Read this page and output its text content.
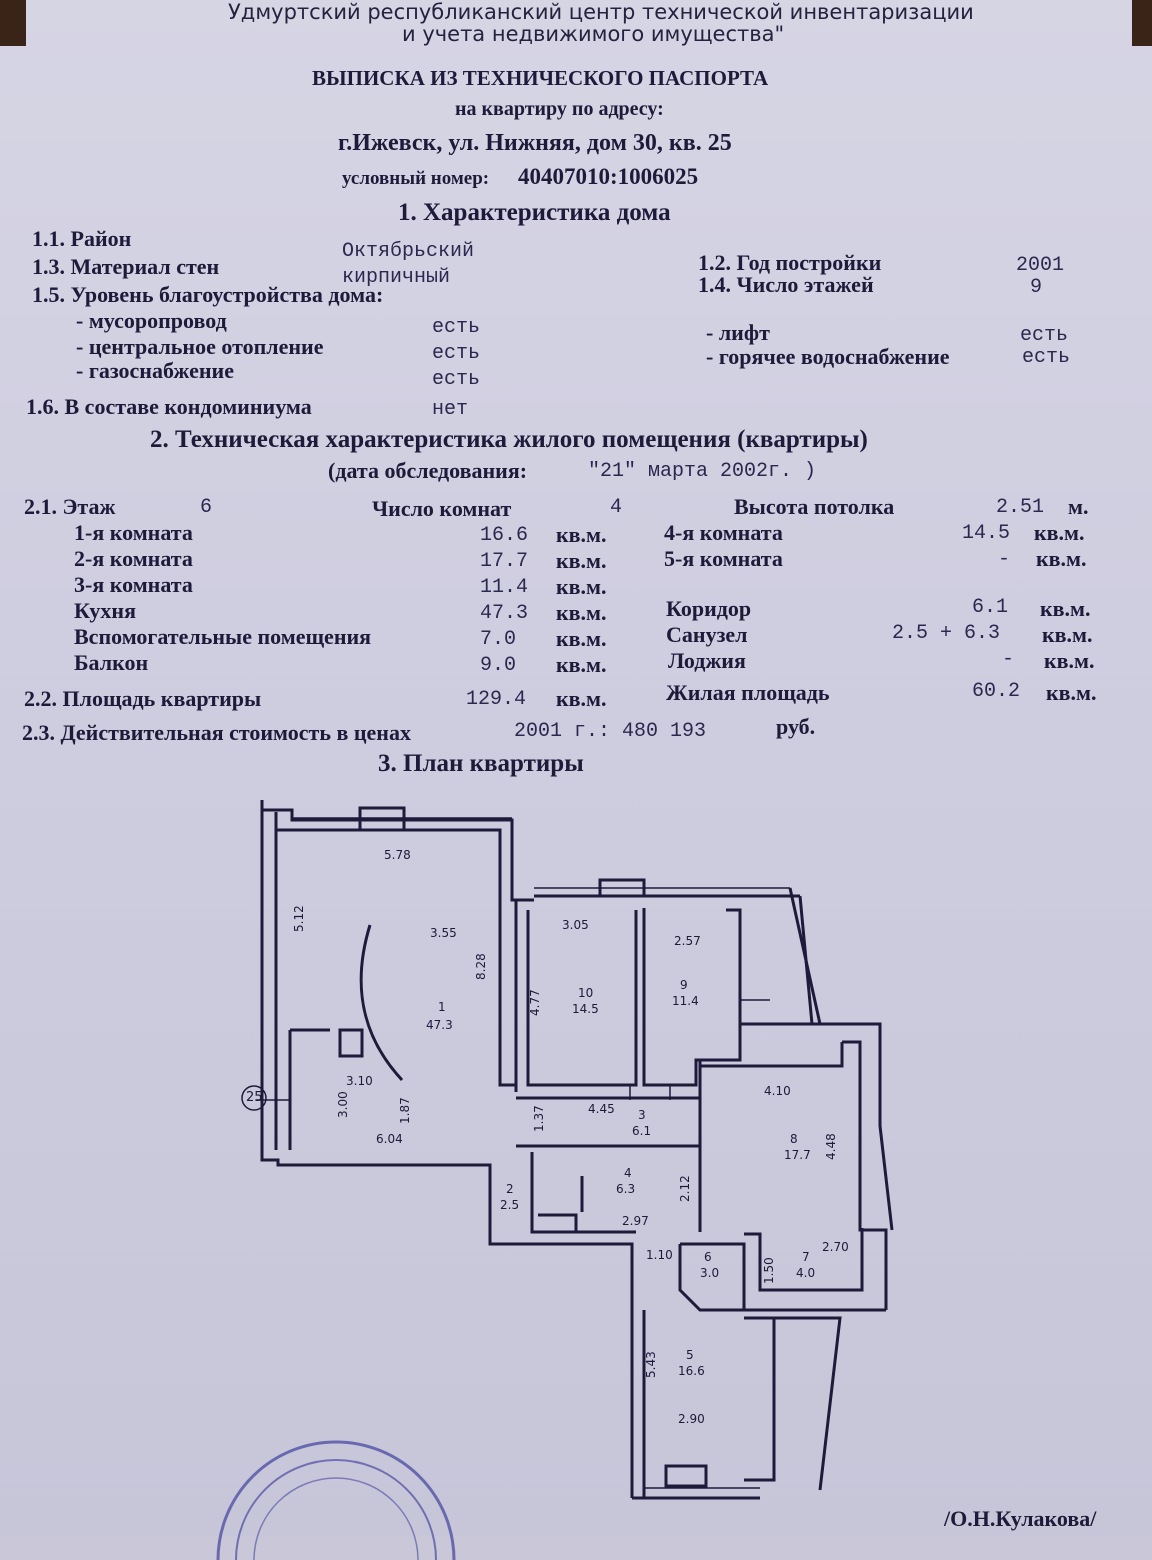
Удмуртский республиканский центр технической инвентаризации
и учета недвижимого имущества"
ВЫПИСКА ИЗ ТЕХНИЧЕСКОГО ПАСПОРТА
на квартиру по адресу:
г.Ижевск, ул. Нижняя, дом 30, кв. 25
условный номер: 40407010:1006025
1. Характеристика дома
1.1. Район
Октябрьский
1.3. Материал стен	кирпичный
1.2. Год постройки	2001
1.4. Число этажей	9
1.5. Уровень благоустройства дома:
- мусоропровод	есть
- центральное отопление	есть
- газоснабжение	есть
- лифт	есть
- горячее водоснабжение	есть
1.6. В составе кондоминиума	нет
2. Техническая характеристика жилого помещения (квартиры)
(дата обследования:	"21" марта 2002г. )
2.1. Этаж	6	Число комнат	4	Высота потолка	2.51 м.
1-я комната	16.6 кв.м.
2-я комната	17.7 кв.м.
3-я комната	11.4 кв.м.
Кухня	47.3 кв.м.
Вспомогательные помещения	7.0 кв.м.
Балкон	9.0 кв.м.
4-я комната	14.5 кв.м.
5-я комната	- кв.м.
Коридор	6.1 кв.м.
Санузел	2.5 + 6.3 кв.м.
Лоджия	- кв.м.
2.2. Площадь квартиры	129.4 кв.м.	Жилая площадь	60.2 кв.м.
2.3. Действительная стоимость в ценах	2001 г.: 480 193	руб.
3. План квартиры
25
5.78
5.12
3.55
8.28
1
47.3
3.10
3.00	1.87
6.04
3.05
4.77	10
14.5
2.57
9
11.4
1.37	4.45 3
6.1
4.10
8
17.7 4.48
2
2.5
4
6.3	2.12
2.97
1.10	6
3.0	1.50
7
4.0
2.70
5.43 5
16.6
2.90
/О.Н.Кулакова/
